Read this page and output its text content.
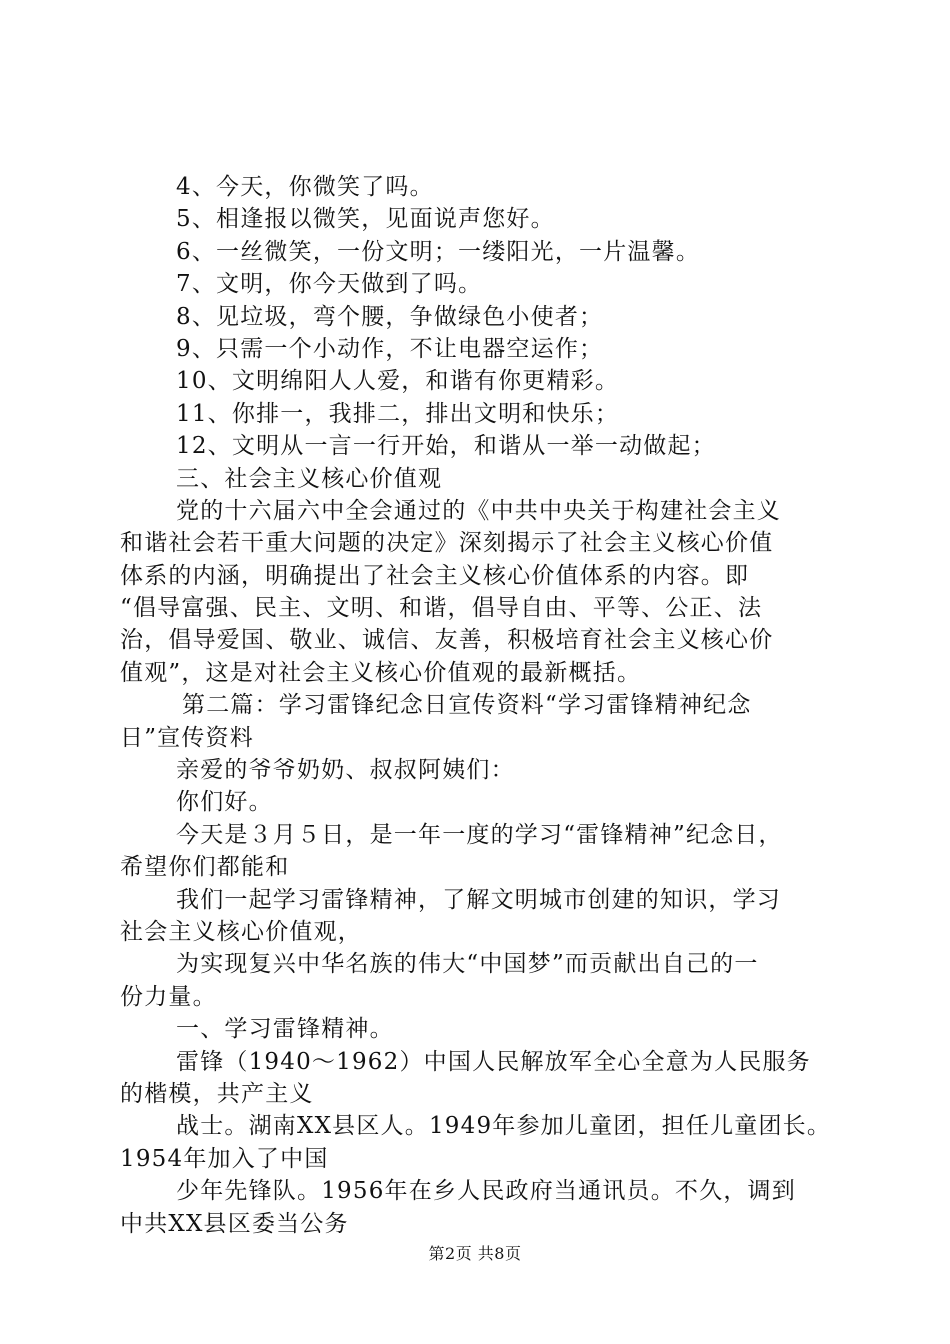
4、今天，你微笑了吗。
5、相逢报以微笑，见面说声您好。
6、一丝微笑，一份文明；一缕阳光，一片温馨。
7、文明，你今天做到了吗。
8、见垃圾，弯个腰，争做绿色小使者；
9、只需一个小动作，不让电器空运作；
10、文明绵阳人人爱，和谐有你更精彩。
11、你排一，我排二，排出文明和快乐；
12、文明从一言一行开始，和谐从一举一动做起；
三、社会主义核心价值观
党的十六届六中全会通过的《中共中央关于构建社会主义
和谐社会若干重大问题的决定》深刻揭示了社会主义核心价值
体系的内涵，明确提出了社会主义核心价值体系的内容。即
“倡导富强、民主、文明、和谐，倡导自由、平等、公正、法
治，倡导爱国、敬业、诚信、友善，积极培育社会主义核心价
值观”，这是对社会主义核心价值观的最新概括。
第二篇：学习雷锋纪念日宣传资料“学习雷锋精神纪念
日”宣传资料
亲爱的爷爷奶奶、叔叔阿姨们：
你们好。
今天是３月５日，是一年一度的学习“雷锋精神”纪念日，
希望你们都能和
我们一起学习雷锋精神，了解文明城市创建的知识，学习
社会主义核心价值观，
为实现复兴中华名族的伟大“中国梦”而贡献出自己的一
份力量。
一、学习雷锋精神。
雷锋（1940～1962）中国人民解放军全心全意为人民服务
的楷模，共产主义
战士。湖南XX县区人。1949年参加儿童团，担任儿童团长。
1954年加入了中国
少年先锋队。1956年在乡人民政府当通讯员。不久，调到
中共XX县区委当公务
第2页 共8页
